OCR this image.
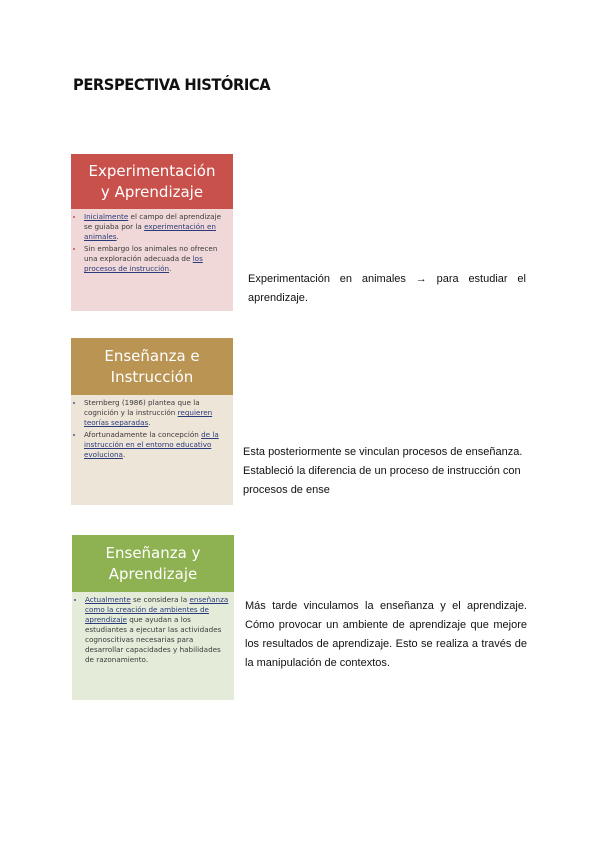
PERSPECTIVA HISTÓRICA
Experimentación
y Aprendizaje
• Inicialmente el campo del aprendizaje se guiaba por la experimentación en animales.
• Sin embargo los animales no ofrecen una exploración adecuada de los procesos de instrucción.
Enseñanza e
Instrucción
• Sternberg (1986) plantea que la cognición y la instrucción requieren teorías separadas.
• Afortunadamente la concepción de la instrucción en el entorno educativo evoluciona.
Enseñanza y
Aprendizaje
• Actualmente se considera la enseñanza como la creación de ambientes de aprendizaje que ayudan a los estudiantes a ejecutar las actividades cognoscitivas necesarias para desarrollar capacidades y habilidades de razonamiento.
Experimentación en animales → para estudiar el aprendizaje.
Esta posteriormente se vinculan procesos de enseñanza. Estableció la diferencia de un proceso de instrucción con procesos de ense
Más tarde vinculamos la enseñanza y el aprendizaje. Cómo provocar un ambiente de aprendizaje que mejore los resultados de aprendizaje. Esto se realiza a través de la manipulación de contextos.
